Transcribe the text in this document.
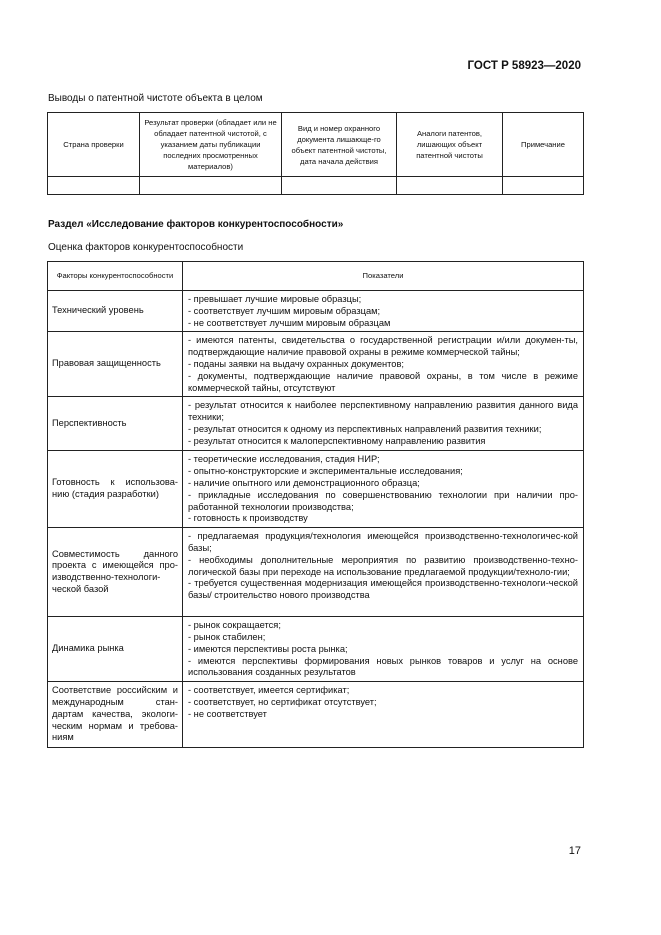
ГОСТ Р 58923—2020
Выводы о патентной чистоте объекта в целом
Страна проверки	Результат проверки (обладает или не обладает патентной чистотой, с указанием даты публикации последних просмотренных материалов)	Вид и номер охранного документа лишающе-го объект патентной чистоты, дата начала действия	Аналоги патентов, лишающих объект патентной чистоты	Примечание

Раздел «Исследование факторов конкурентоспособности»
Оценка факторов конкурентоспособности
Факторы конкурентоспособности	Показатели
Технический уровень	- превышает лучшие мировые образцы;
- соответствует лучшим мировым образцам;
- не соответствует лучшим мировым образцам

Правовая защищенность	- имеются патенты, свидетельства о государственной регистрации и/или докумен-ты, подтверждающие наличие правовой охраны в режиме коммерческой тайны;
- поданы заявки на выдачу охранных документов;
- документы, подтверждающие наличие правовой охраны, в том числе в режиме коммерческой тайны, отсутствуют

Перспективность	- результат относится к наиболее перспективному направлению развития данного вида техники;
- результат относится к одному из перспективных направлений развития техники;
- результат относится к малоперспективному направлению развития

Готовность к использова-нию (стадия разработки)	- теоретические исследования, стадия НИР;
- опытно-конструкторские и экспериментальные исследования;
- наличие опытного или демонстрационного образца;
- прикладные исследования по совершенствованию технологии при наличии про-работанной технологии производства;
- готовность к производству

Совместимость данного проекта с имеющейся про-изводственно-технологи-ческой базой	- предлагаемая продукция/технология имеющейся производственно-технологичес-кой базы;
- необходимы дополнительные мероприятия по развитию производственно-техно-логической базы при переходе на использование предлагаемой продукции/техноло-гии;
- требуется существенная модернизация имеющейся производственно-технологи-ческой базы/ строительство нового производства

Динамика рынка	- рынок сокращается;
- рынок стабилен;
- имеются перспективы роста рынка;
- имеются перспективы формирования новых рынков товаров и услуг на основе использования созданных результатов

Соответствие российским и международным стан-дартам качества, экологи-ческим нормам и требова-ниям	- соответствует, имеется сертификат;
- соответствует, но сертификат отсутствует;
- не соответствует
17
